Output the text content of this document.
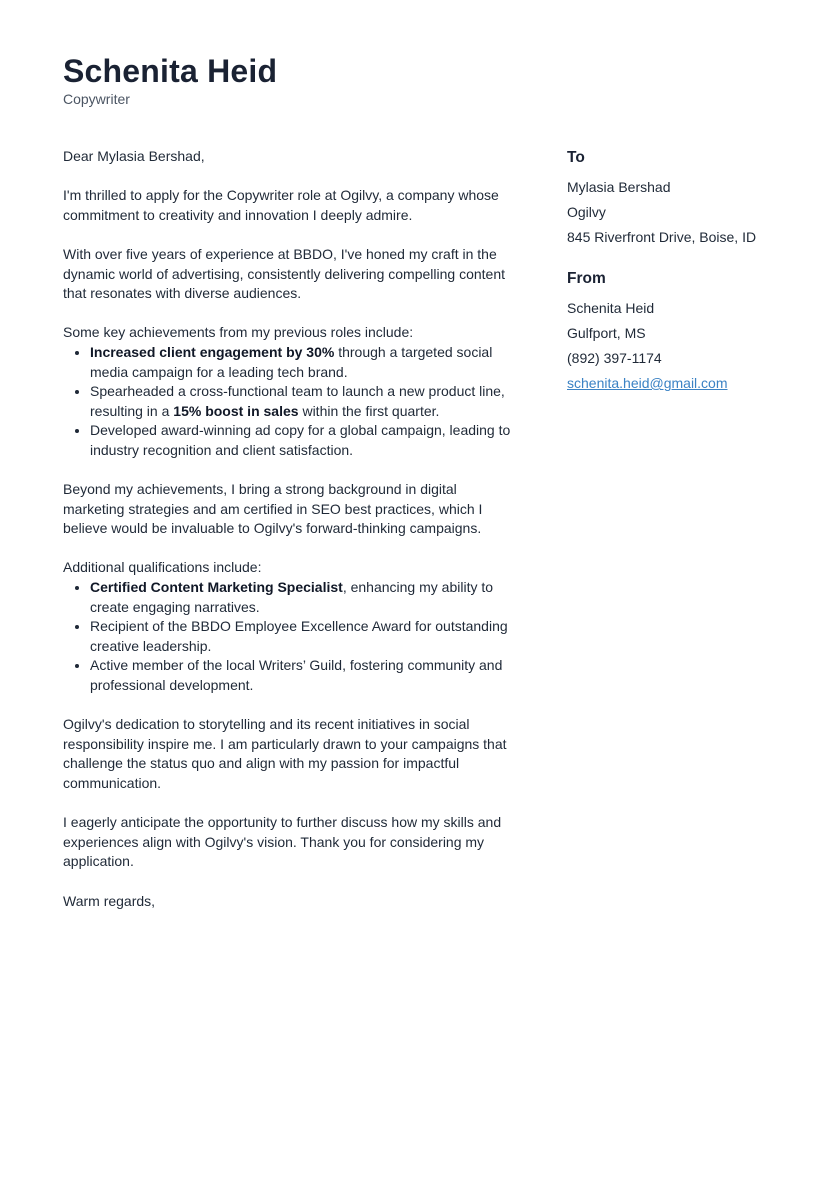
Schenita Heid
Copywriter

Dear Mylasia Bershad,

I'm thrilled to apply for the Copywriter role at Ogilvy, a company whose commitment to creativity and innovation I deeply admire.

With over five years of experience at BBDO, I've honed my craft in the dynamic world of advertising, consistently delivering compelling content that resonates with diverse audiences.

Some key achievements from my previous roles include:

• Increased client engagement by 30% through a targeted social media campaign for a leading tech brand.
• Spearheaded a cross-functional team to launch a new product line, resulting in a 15% boost in sales within the first quarter.
• Developed award-winning ad copy for a global campaign, leading to industry recognition and client satisfaction.

Beyond my achievements, I bring a strong background in digital marketing strategies and am certified in SEO best practices, which I believe would be invaluable to Ogilvy's forward-thinking campaigns.

Additional qualifications include:

• Certified Content Marketing Specialist, enhancing my ability to create engaging narratives.
• Recipient of the BBDO Employee Excellence Award for outstanding creative leadership.
• Active member of the local Writers’ Guild, fostering community and professional development.

Ogilvy's dedication to storytelling and its recent initiatives in social responsibility inspire me. I am particularly drawn to your campaigns that challenge the status quo and align with my passion for impactful communication.

I eagerly anticipate the opportunity to further discuss how my skills and experiences align with Ogilvy's vision. Thank you for considering my application.

Warm regards,

To
Mylasia Bershad
Ogilvy
845 Riverfront Drive, Boise, ID
From
Schenita Heid
Gulfport, MS
(892) 397-1174
schenita.heid@gmail.com
